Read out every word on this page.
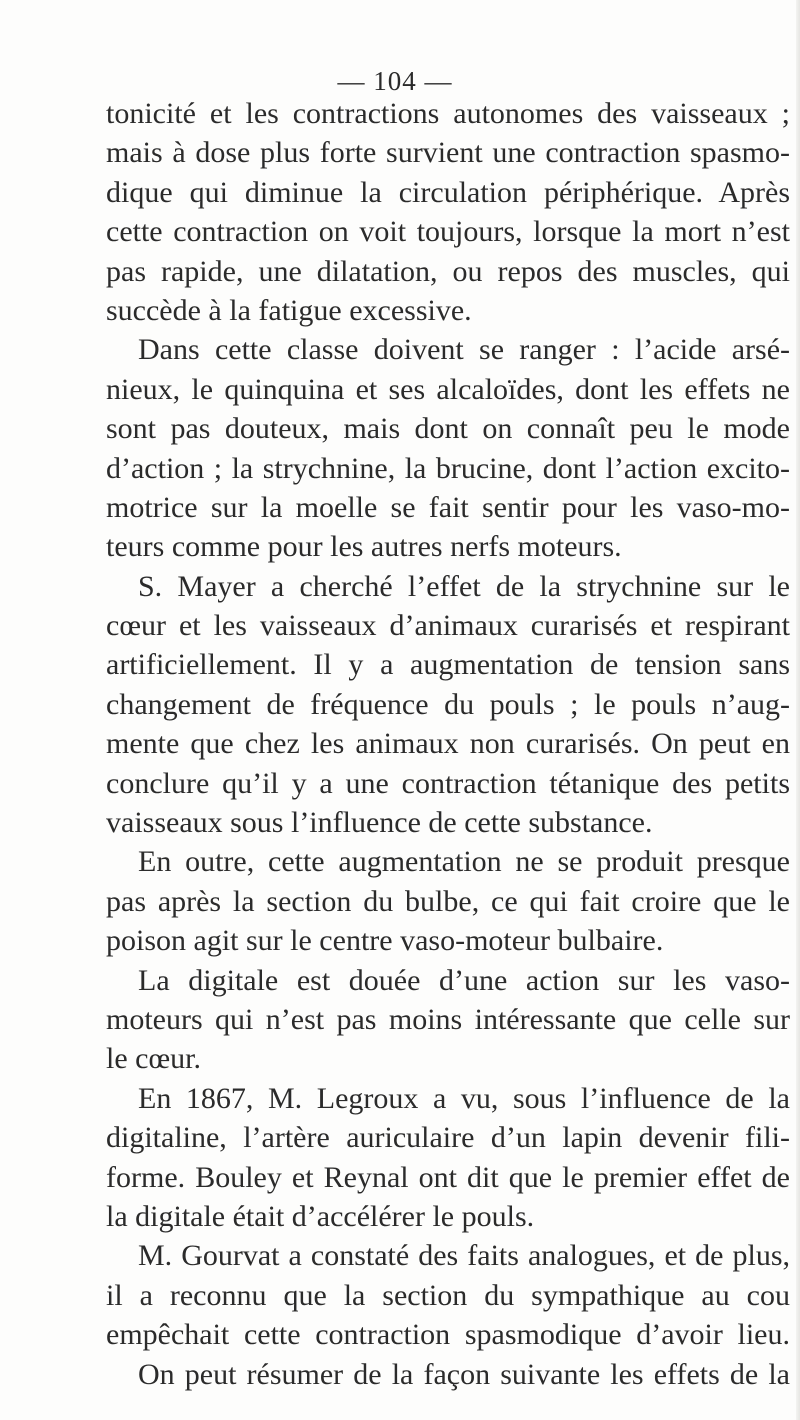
— 104 —
tonicité et les contractions autonomes des vaisseaux ;
mais à dose plus forte survient une contraction spasmo-
dique qui diminue la circulation périphérique. Après
cette contraction on voit toujours, lorsque la mort n’est
pas rapide, une dilatation, ou repos des muscles, qui
succède à la fatigue excessive.
Dans cette classe doivent se ranger : l’acide arsé-
nieux, le quinquina et ses alcaloïdes, dont les effets ne
sont pas douteux, mais dont on connaît peu le mode
d’action ; la strychnine, la brucine, dont l’action excito-
motrice sur la moelle se fait sentir pour les vaso-mo-
teurs comme pour les autres nerfs moteurs.
S. Mayer a cherché l’effet de la strychnine sur le
cœur et les vaisseaux d’animaux curarisés et respirant
artificiellement. Il y a augmentation de tension sans
changement de fréquence du pouls ; le pouls n’aug-
mente que chez les animaux non curarisés. On peut en
conclure qu’il y a une contraction tétanique des petits
vaisseaux sous l’influence de cette substance.
En outre, cette augmentation ne se produit presque
pas après la section du bulbe, ce qui fait croire que le
poison agit sur le centre vaso-moteur bulbaire.
La digitale est douée d’une action sur les vaso-
moteurs qui n’est pas moins intéressante que celle sur
le cœur.
En 1867, M. Legroux a vu, sous l’influence de la
digitaline, l’artère auriculaire d’un lapin devenir fili-
forme. Bouley et Reynal ont dit que le premier effet de
la digitale était d’accélérer le pouls.
M. Gourvat a constaté des faits analogues, et de plus,
il a reconnu que la section du sympathique au cou
empêchait cette contraction spasmodique d’avoir lieu.
On peut résumer de la façon suivante les effets de la
